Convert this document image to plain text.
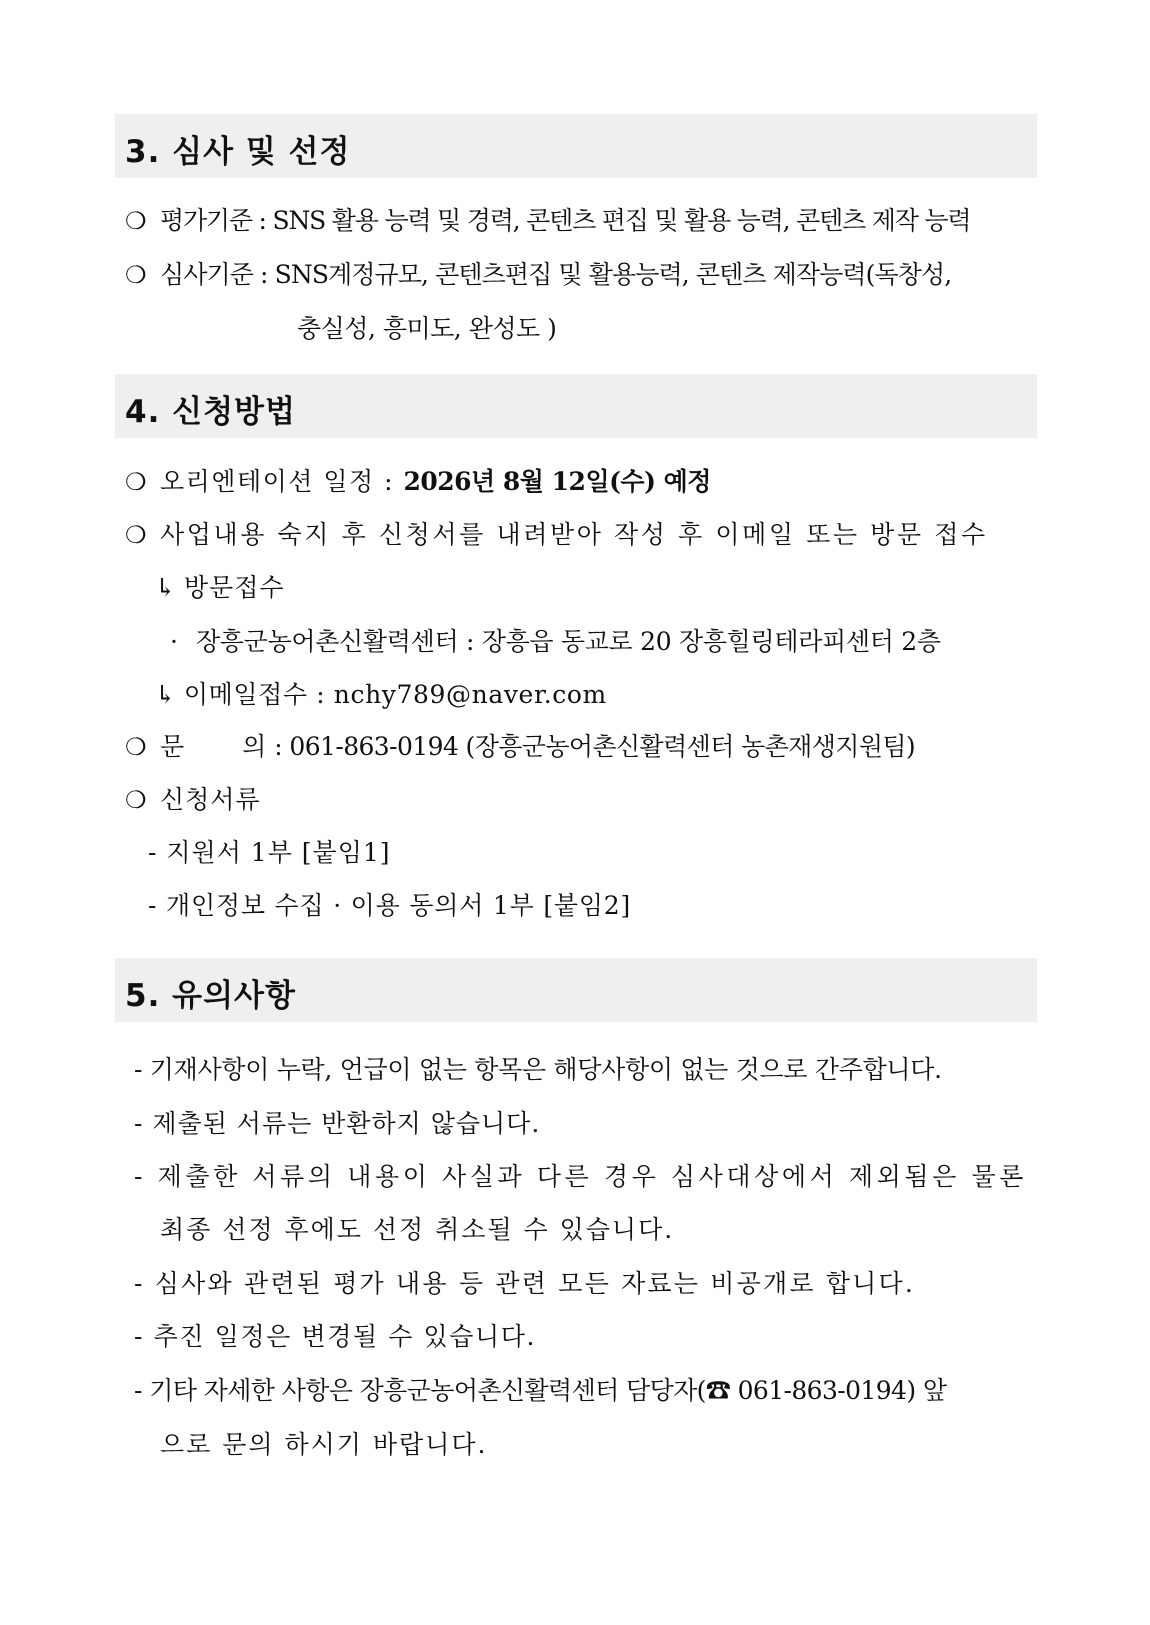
3. 심사 및 선정
❍ 평가기준 : SNS 활용 능력 및 경력, 콘텐츠 편집 및 활용 능력, 콘텐츠 제작 능력
❍ 심사기준 : SNS계정규모, 콘텐츠편집 및 활용능력, 콘텐츠 제작능력(독창성,
충실성, 흥미도, 완성도 )
4. 신청방법
❍ 오리엔테이션 일정 : 2026년 8월 12일(수) 예정
❍ 사업내용 숙지 후 신청서를 내려받아 작성 후 이메일 또는 방문 접수
↳ 방문접수
· 장흥군농어촌신활력센터 : 장흥읍 동교로 20 장흥힐링테라피센터 2층
↳ 이메일접수 : nchy789@naver.com
❍ 문 의 : 061-863-0194 (장흥군농어촌신활력센터 농촌재생지원팀)
❍ 신청서류
- 지원서 1부 [붙임1]
- 개인정보 수집 · 이용 동의서 1부 [붙임2]
5. 유의사항
- 기재사항이 누락, 언급이 없는 항목은 해당사항이 없는 것으로 간주합니다.
- 제출된 서류는 반환하지 않습니다.
- 제출한 서류의 내용이 사실과 다른 경우 심사대상에서 제외됨은 물론
최종 선정 후에도 선정 취소될 수 있습니다.
- 심사와 관련된 평가 내용 등 관련 모든 자료는 비공개로 합니다.
- 추진 일정은 변경될 수 있습니다.
- 기타 자세한 사항은 장흥군농어촌신활력센터 담당자(☎ 061-863-0194) 앞
으로 문의 하시기 바랍니다.
